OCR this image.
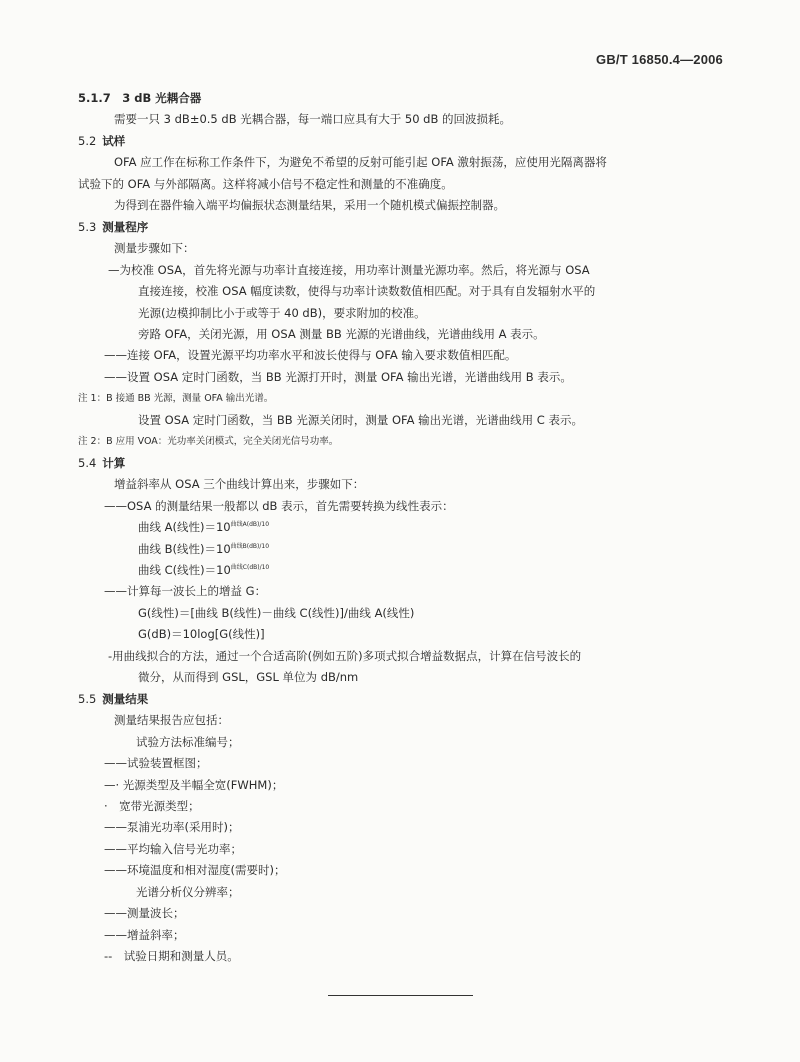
GB/T 16850.4—2006

5.1.7　3 dB 光耦合器

需要一只 3 dB±0.5 dB 光耦合器，每一端口应具有大于 50 dB 的回波损耗。

5.2 试样

OFA 应工作在标称工作条件下，为避免不希望的反射可能引起 OFA 激射振荡，应使用光隔离器将

试验下的 OFA 与外部隔离。这样将减小信号不稳定性和测量的不准确度。

为得到在器件输入端平均偏振状态测量结果，采用一个随机模式偏振控制器。

5.3 测量程序

测量步骤如下：

—为校准 OSA，首先将光源与功率计直接连接，用功率计测量光源功率。然后，将光源与 OSA

直接连接，校准 OSA 幅度读数，使得与功率计读数数值相匹配。对于具有自发辐射水平的

光源(边模抑制比小于或等于 40 dB)，要求附加的校准。

旁路 OFA，关闭光源，用 OSA 测量 BB 光源的光谱曲线，光谱曲线用 A 表示。

——连接 OFA，设置光源平均功率水平和波长使得与 OFA 输入要求数值相匹配。

——设置 OSA 定时门函数，当 BB 光源打开时，测量 OFA 输出光谱，光谱曲线用 B 表示。

注 1：B 接通 BB 光源，测量 OFA 输出光谱。

设置 OSA 定时门函数，当 BB 光源关闭时，测量 OFA 输出光谱，光谱曲线用 C 表示。

注 2：B 应用 VOA：光功率关闭模式，完全关闭光信号功率。

5.4 计算

增益斜率从 OSA 三个曲线计算出来，步骤如下：

——OSA 的测量结果一般都以 dB 表示，首先需要转换为线性表示：

曲线 A(线性)$=10^{曲线A(dB)/10}$

曲线 B(线性)$=10^{曲线B(dB)/10}$

曲线 C(线性)$=10^{曲线C(dB)/10}$

——计算每一波长上的增益 G：

G(线性)＝[曲线 B(线性)－曲线 C(线性)]/曲线 A(线性)

G(dB)＝10log[G(线性)]

-用曲线拟合的方法，通过一个合适高阶(例如五阶)多项式拟合增益数据点，计算在信号波长的

微分，从而得到 GSL，GSL 单位为 dB/nm

5.5 测量结果

测量结果报告应包括：

试验方法标准编号；

——试验装置框图；

—· 光源类型及半幅全宽(FWHM)；

·　宽带光源类型；

——泵浦光功率(采用时)；

——平均输入信号光功率；

——环境温度和相对湿度(需要时)；

光谱分析仪分辨率；

——测量波长；

——增益斜率；

--　试验日期和测量人员。
